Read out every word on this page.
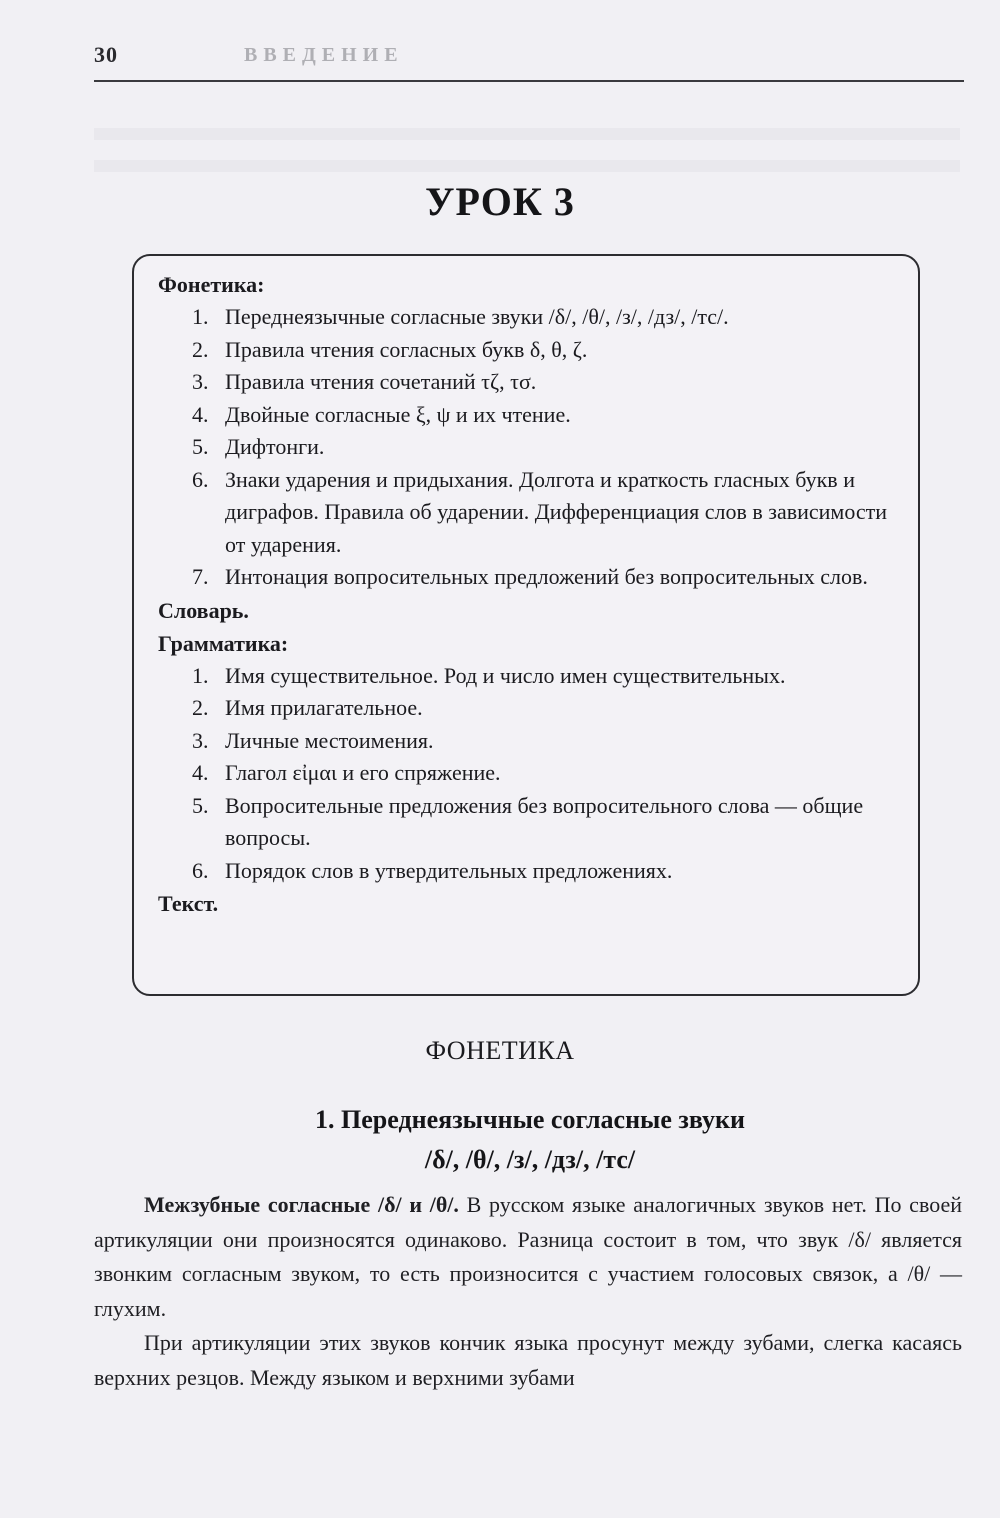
30	ВВЕДЕНИЕ
УРОК 3
Фонетика:
1. Переднеязычные согласные звуки /δ/, /θ/, /з/, /дз/, /тс/.
2. Правила чтения согласных букв δ, θ, ζ.
3. Правила чтения сочетаний τζ, τσ.
4. Двойные согласные ξ, ψ и их чтение.
5. Дифтонги.
6. Знаки ударения и придыхания. Долгота и краткость гласных букв и диграфов. Правила об ударении. Дифференциация слов в зависимости от ударения.
7. Интонация вопросительных предложений без вопросительных слов.
Словарь.
Грамматика:
1. Имя существительное. Род и число имен существительных.
2. Имя прилагательное.
3. Личные местоимения.
4. Глагол εἰμαι и его спряжение.
5. Вопросительные предложения без вопросительного слова — общие вопросы.
6. Порядок слов в утвердительных предложениях.
Текст.
ФОНЕТИКА
1. Переднеязычные согласные звуки
/δ/, /θ/, /з/, /дз/, /тс/

Межзубные согласные /δ/ и /θ/. В русском языке аналогичных звуков нет. По своей артикуляции они произносятся одинаково. Разница состоит в том, что звук /δ/ является звонким согласным звуком, то есть произносится с участием голосовых связок, а /θ/ — глухим.

При артикуляции этих звуков кончик языка просунут между зубами, слегка касаясь верхних резцов. Между языком и верхними зубами
